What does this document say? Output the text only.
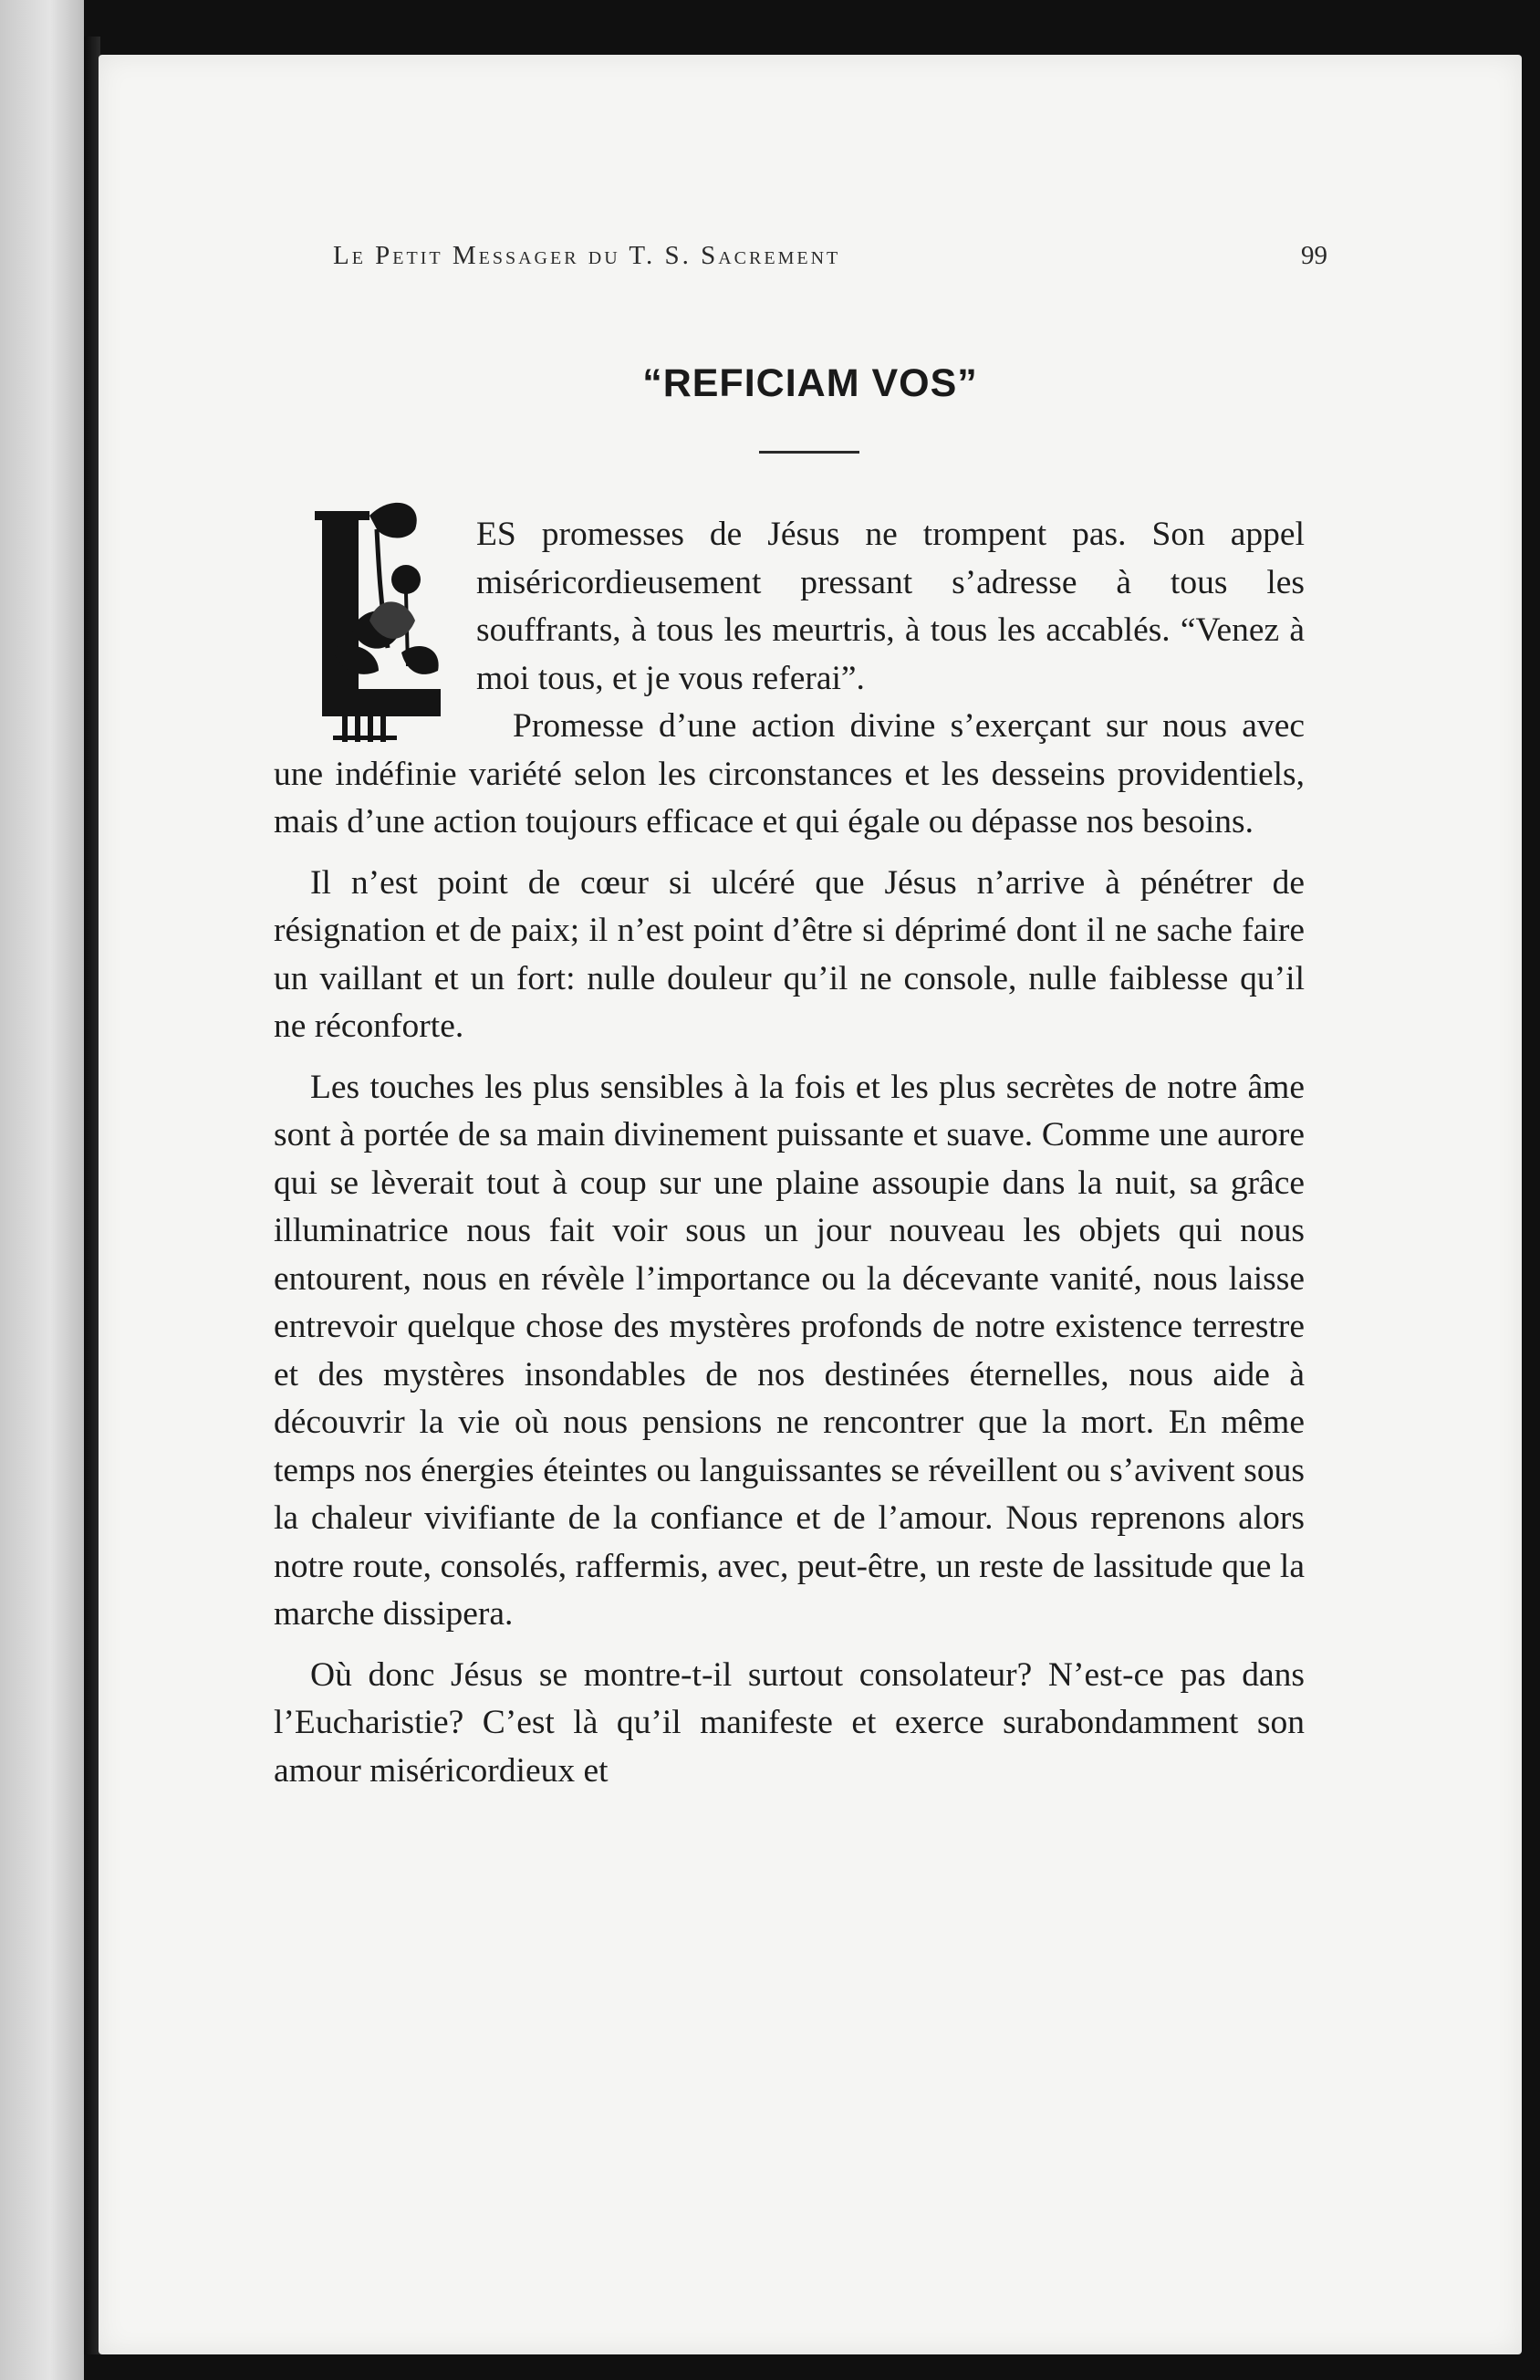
Le Petit Messager du T. S. Sacrement	99
“REFICIAM VOS”

ES promesses de Jésus ne trompent pas. Son appel miséricordieusement pressant s’adresse à tous les souffrants, à tous les meurtris, à tous les accablés. “Venez à moi tous, et je vous referai”.

Promesse d’une action divine s’exerçant sur nous avec une indéfinie variété selon les circonstances et les desseins providentiels, mais d’une action toujours efficace et qui égale ou dépasse nos besoins.

Il n’est point de cœur si ulcéré que Jésus n’arrive à pénétrer de résignation et de paix; il n’est point d’être si déprimé dont il ne sache faire un vaillant et un fort: nulle douleur qu’il ne console, nulle faiblesse qu’il ne réconforte.

Les touches les plus sensibles à la fois et les plus secrètes de notre âme sont à portée de sa main divinement puissante et suave. Comme une aurore qui se lèverait tout à coup sur une plaine assoupie dans la nuit, sa grâce illuminatrice nous fait voir sous un jour nouveau les objets qui nous entourent, nous en révèle l’importance ou la décevante vanité, nous laisse entrevoir quelque chose des mystères profonds de notre existence terrestre et des mystères insondables de nos destinées éternelles, nous aide à découvrir la vie où nous pensions ne rencontrer que la mort. En même temps nos énergies éteintes ou languissantes se réveillent ou s’avivent sous la chaleur vivifiante de la confiance et de l’amour. Nous reprenons alors notre route, consolés, raffermis, avec, peut-être, un reste de lassitude que la marche dissipera.

Où donc Jésus se montre-t-il surtout consolateur? N’est-ce pas dans l’Eucharistie? C’est là qu’il manifeste et exerce surabondamment son amour miséricordieux et
